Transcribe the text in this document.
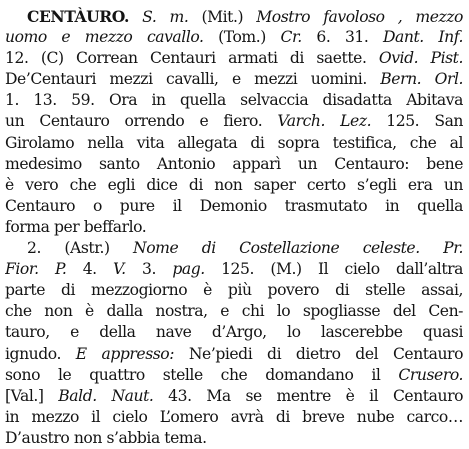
CENTÀURO. S. m. (Mit.) Mostro favoloso , mezzo
uomo e mezzo cavallo. (Tom.) Cr. 6. 31. Dant. Inf.
12. (C) Correan Centauri armati di saette. Ovid. Pist.
De’Centauri mezzi cavalli, e mezzi uomini. Bern. Orl.
1. 13. 59. Ora in quella selvaccia disadatta Abitava
un Centauro orrendo e fiero. Varch. Lez. 125. San
Girolamo nella vita allegata di sopra testifica, che al
medesimo santo Antonio apparì un Centauro: bene
è vero che egli dice di non saper certo s’egli era un
Centauro o pure il Demonio trasmutato in quella
forma per beffarlo.
2. (Astr.) Nome di Costellazione celeste. Pr.
Fior. P. 4. V. 3. pag. 125. (M.) Il cielo dall’altra
parte di mezzogiorno è più povero di stelle assai,
che non è dalla nostra, e chi lo spogliasse del Cen-
tauro, e della nave d’Argo, lo lascerebbe quasi
ignudo. E appresso: Ne’piedi di dietro del Centauro
sono le quattro stelle che domandano il Crusero.
[Val.] Bald. Naut. 43. Ma se mentre è il Centauro
in mezzo il cielo L’omero avrà di breve nube carco…
D’austro non s’abbia tema.
